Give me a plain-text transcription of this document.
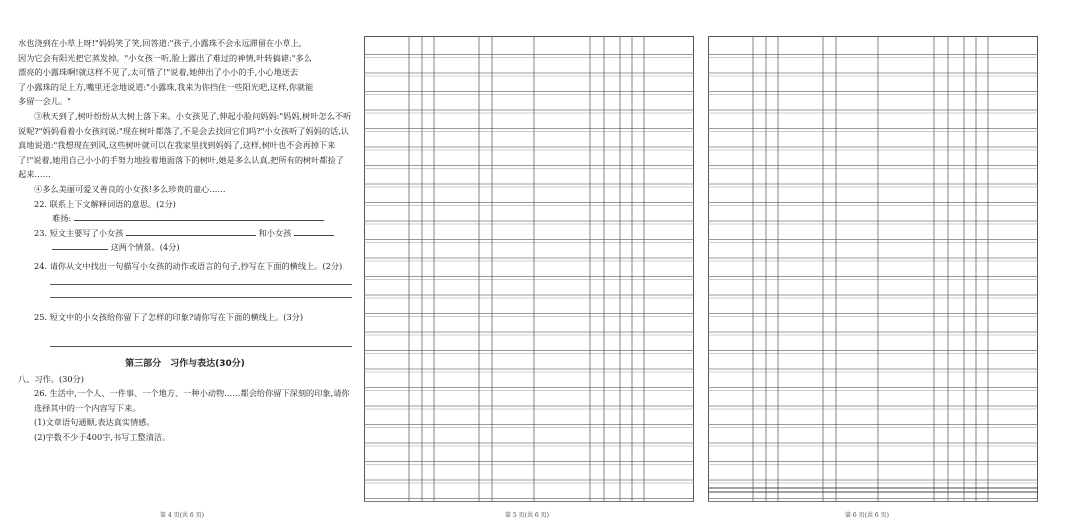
水也浇到在小草上呀!"妈妈笑了笑,回答道:"孩子,小露珠不会永远滞留在小草上,

因为它会有阳光把它蒸发掉。"小女孩一听,脸上露出了难过的神情,叶转搞谑:"多么

漂亮的小露珠啊!就这样不见了,太可惜了!"说着,她伸出了小小的手,小心地送去

了小露珠的足上方,嘴里还念地说道:"小露珠,我来为你挡住一些阳光吧,这样,你就能

多留一会儿。"

③秋天到了,树叶纷纷从大树上落下来。小女孩见了,伸起小脸问妈妈:"妈妈,树叶怎么不听说呢?"妈妈看着小女孩问说:"现在树叶都落了,不是会去找回它们吗?"小女孩听了妈妈的话,认真地说道:"我想现在到风,这些树叶就可以在我家里找到妈妈了,这样,树叶也不会再掉下来了!"说着,她用自己小小的手努力地捡着地面落下的树叶,她是多么认真,把所有的树叶都捡了起来……

④多么美丽可爱又善良的小女孩!多么珍贵的童心……

22. 联系上下文解释词语的意思。(2分)

难扬:

23. 短文主要写了小女孩	和小女孩

这两个情景。(4分)

24. 请你从文中找出一句描写小女孩的动作或语言的句子,抄写在下面的横线上。(2分)

25. 短文中的小女孩给你留下了怎样的印象?请你写在下面的横线上。(3分)

第三部分　习作与表达(30分)

八、习作。(30分)

26. 生活中,一个人、一件事、一个地方、一种小动物……都会给你留下深刻的印象,请你选择其中的一个内容写下来。

(1)文章语句通顺,表达真实情感。

(2)字数不少于400字,书写工整清洁。

第 4 页(共 6 页)	第 5 页(共 6 页)	第 6 页(共 6 页)
